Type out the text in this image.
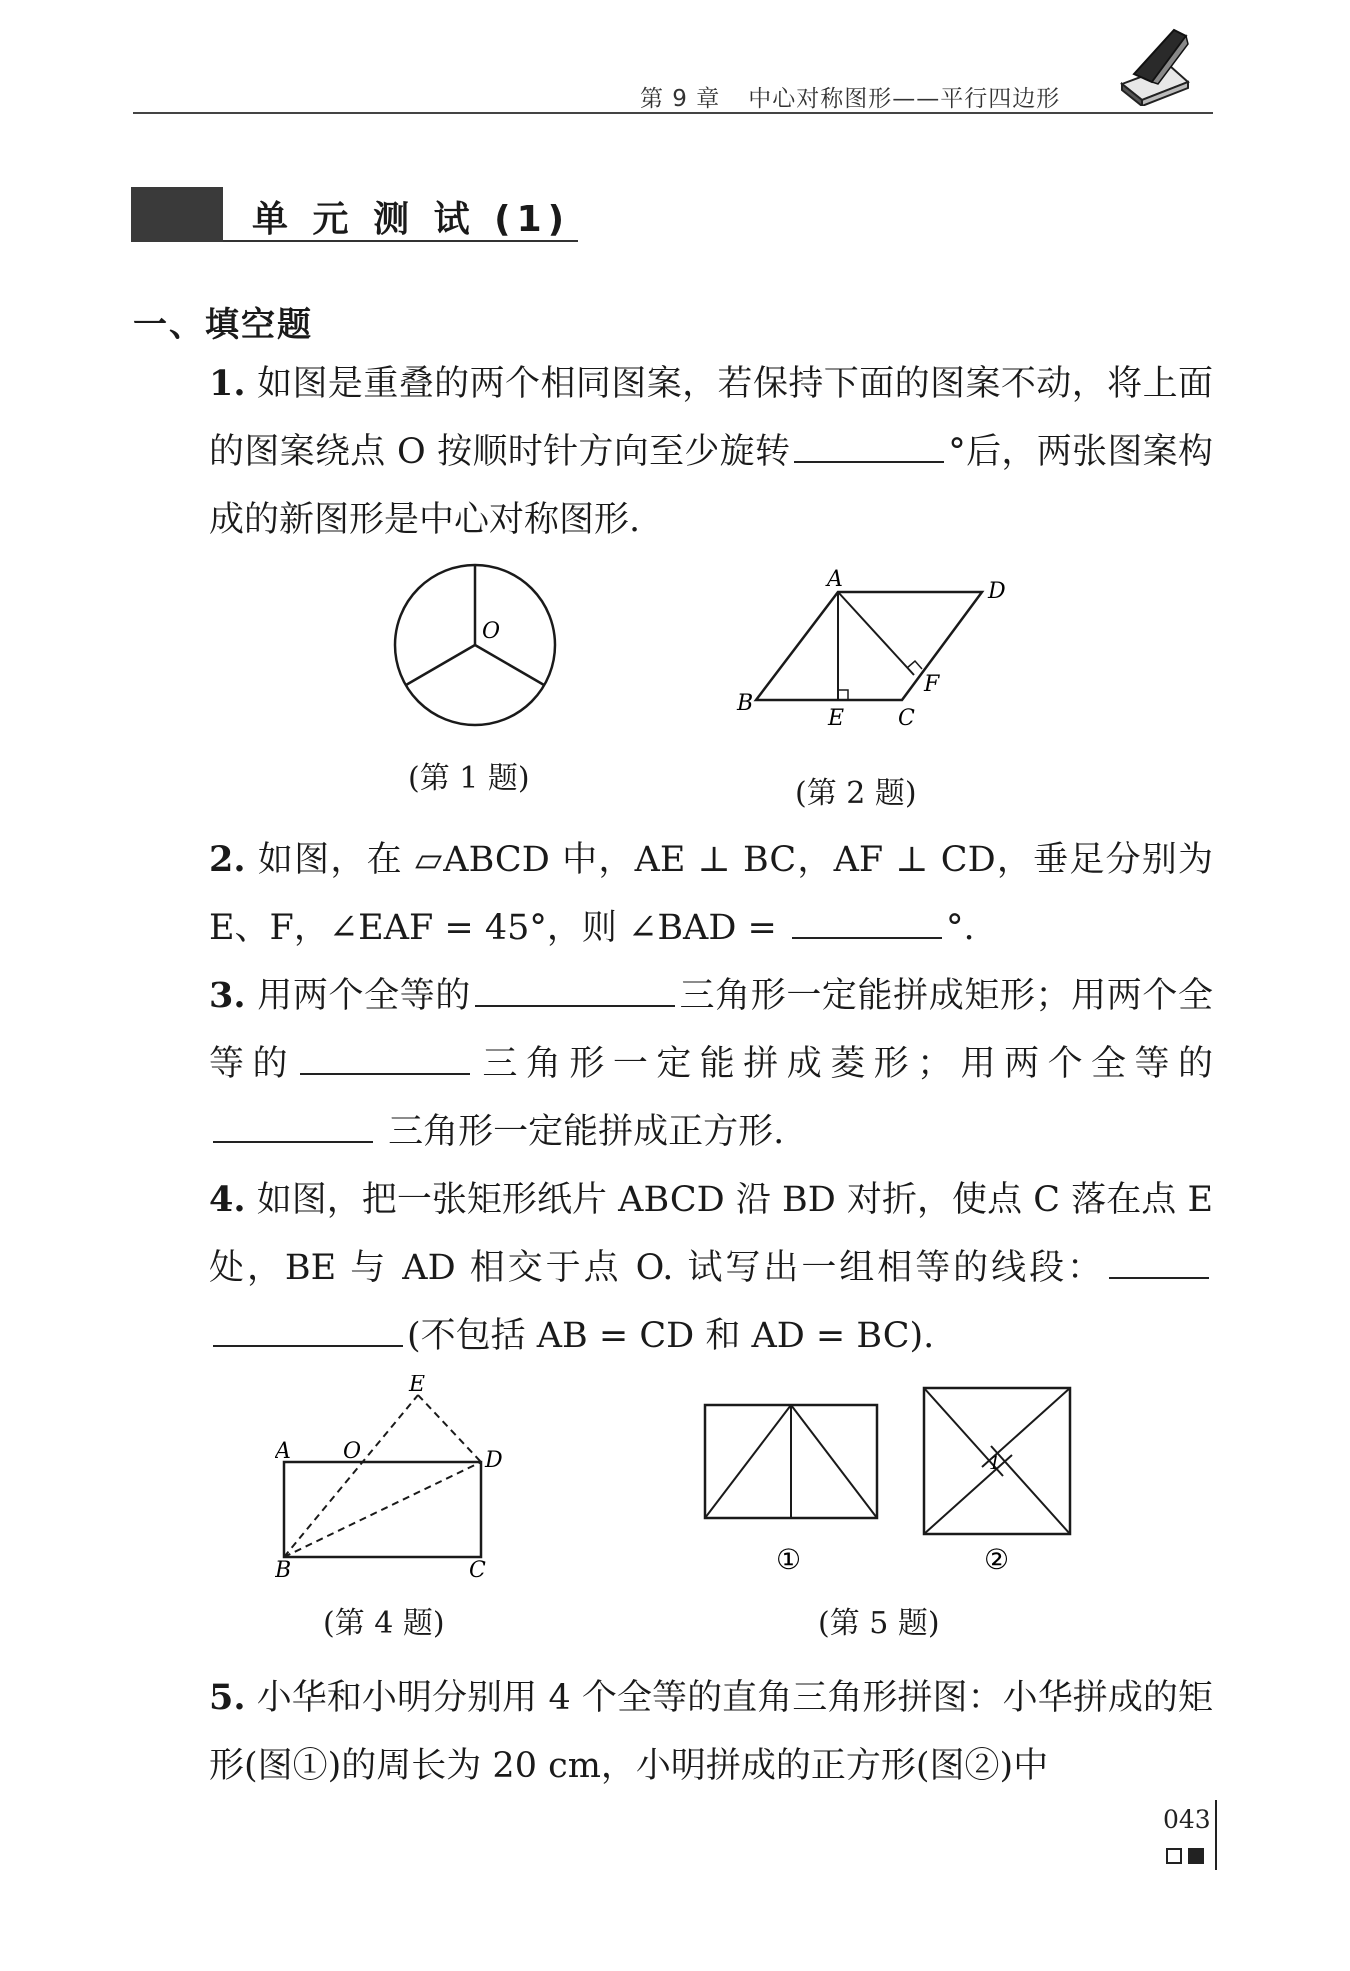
第 9 章 中心对称图形——平行四边形
单 元 测 试 (1)
一、填空题
1. 如图是重叠的两个相同图案，若保持下面的图案不动，将上面的图案绕点 O 按顺时针方向至少旋转	°后，两张图案构成的新图形是中心对称图形.
O
(第 1 题)
A	D
B
E C
F
(第 2 题)
2. 如图，在 ▱ABCD 中，AE ⊥ BC，AF ⊥ CD，垂足分别为 E、F，∠EAF = 45°，则 ∠BAD =	°.
3. 用两个全等的	三角形一定能拼成矩形；用两个全等的	三角形一定能拼成菱形；用两个全等的 三角形一定能拼成正方形.
4. 如图，把一张矩形纸片 ABCD 沿 BD 对折，使点 C 落在点 E 处，BE 与 AD 相交于点 O. 试写出一组相等的线段：(不包括 AB = CD 和 AD = BC).
A O
E
D
B	C
(第 4 题)
1
①	②
(第 5 题)
5. 小华和小明分别用 4 个全等的直角三角形拼图：小华拼成的矩形(图①)的周长为 20 cm，小明拼成的正方形(图②)中
043
